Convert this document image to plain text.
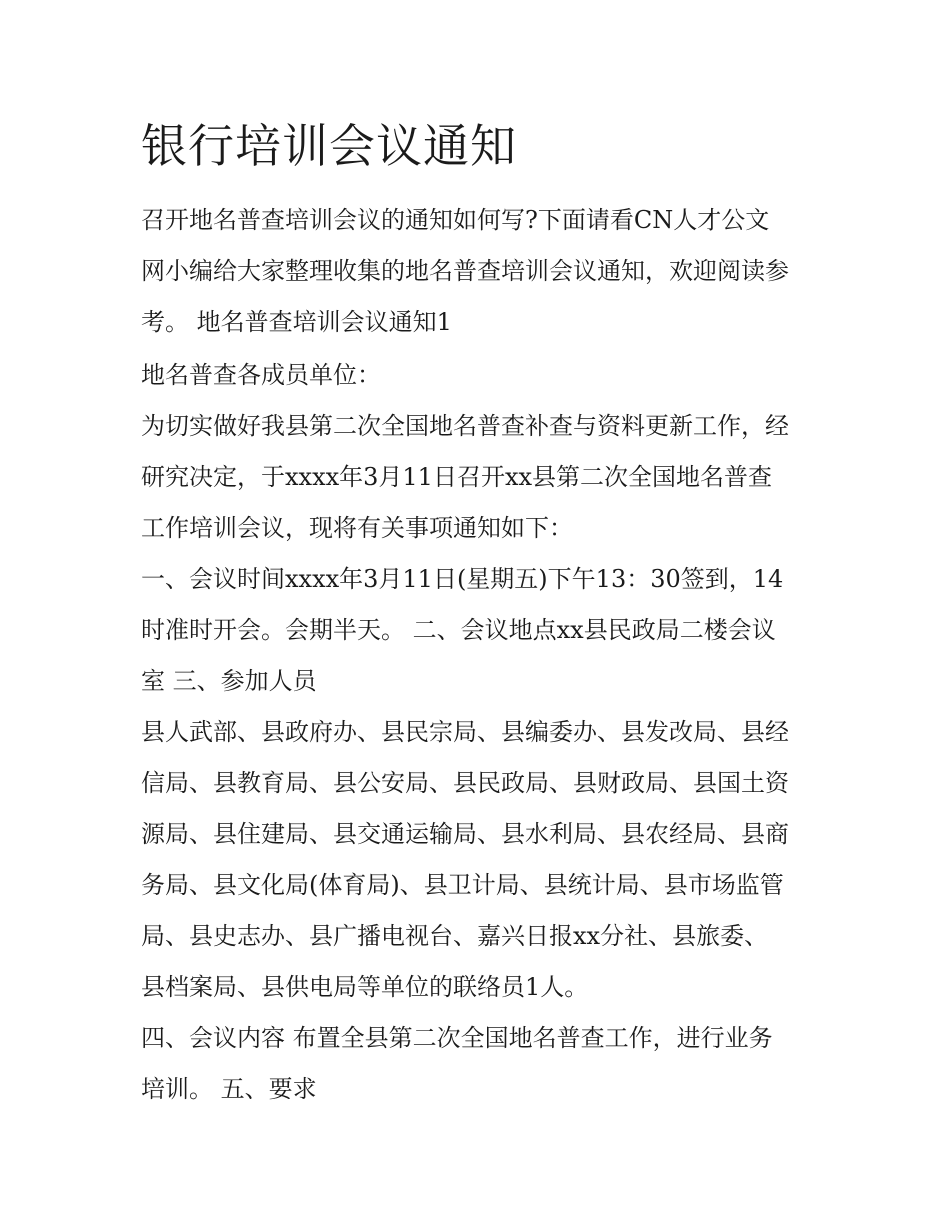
银行培训会议通知

召开地名普查培训会议的通知如何写?下面请看CN人才公文

网小编给大家整理收集的地名普查培训会议通知，欢迎阅读参

考。 地名普查培训会议通知1

地名普查各成员单位：

为切实做好我县第二次全国地名普查补查与资料更新工作，经

研究决定，于xxxx年3月11日召开xx县第二次全国地名普查

工作培训会议，现将有关事项通知如下：

一、会议时间xxxx年3月11日(星期五)下午13：30签到，14

时准时开会。会期半天。 二、会议地点xx县民政局二楼会议

室 三、参加人员

县人武部、县政府办、县民宗局、县编委办、县发改局、县经

信局、县教育局、县公安局、县民政局、县财政局、县国土资

源局、县住建局、县交通运输局、县水利局、县农经局、县商

务局、县文化局(体育局)、县卫计局、县统计局、县市场监管

局、县史志办、县广播电视台、嘉兴日报xx分社、县旅委、

县档案局、县供电局等单位的联络员1人。

四、会议内容 布置全县第二次全国地名普查工作，进行业务

培训。 五、要求
